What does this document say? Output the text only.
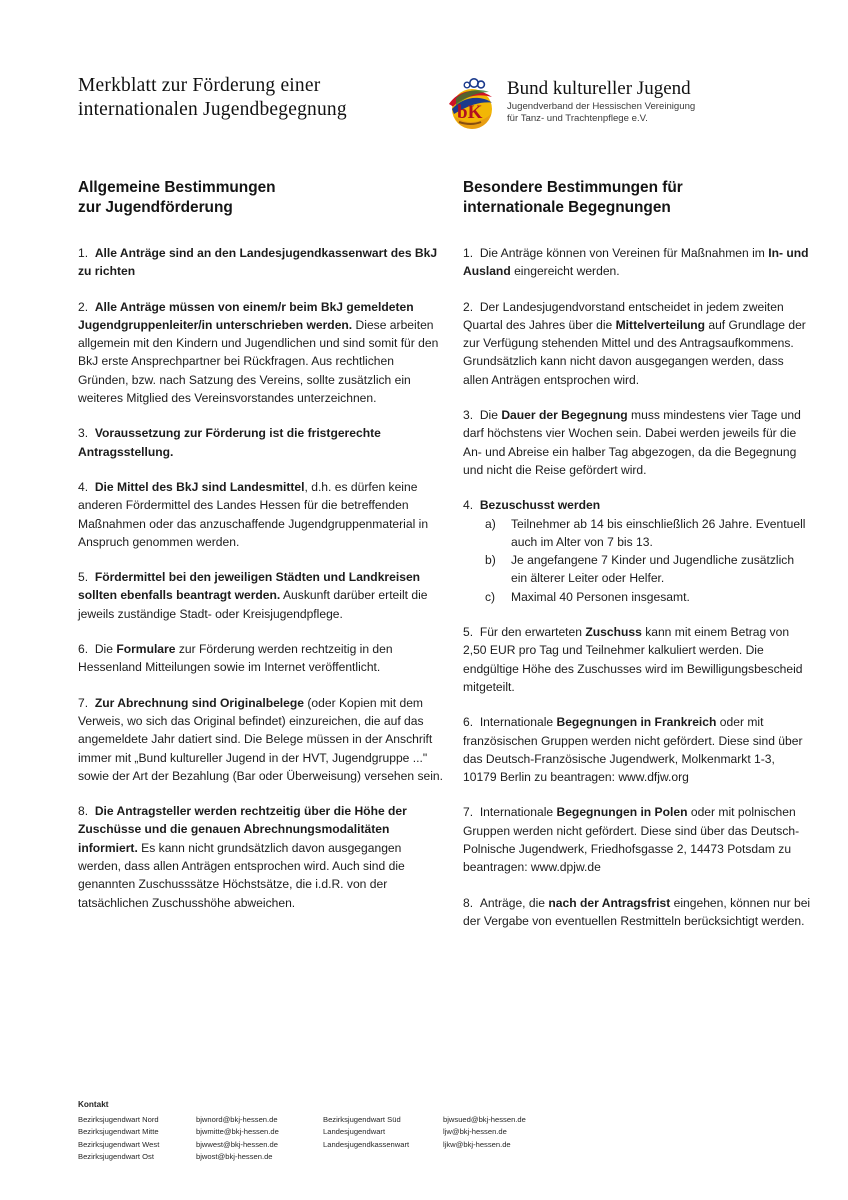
Merkblatt zur Förderung einer
internationalen Jugendbegegnung	bK
Bund kultureller Jugend
Jugendverband der Hessischen Vereinigung
für Tanz- und Trachtenpflege e.V.
Allgemeine Bestimmungen
zur Jugendförderung
1.  Alle Anträge sind an den Landesjugendkassenwart des BkJ zu richten
2.  Alle Anträge müssen von einem/r beim BkJ gemeldeten Jugendgruppenleiter/in unterschrieben werden. Diese arbeiten allgemein mit den Kindern und Jugendlichen und sind somit für den BkJ erste Ansprechpartner bei Rückfragen. Aus rechtlichen Gründen, bzw. nach Satzung des Vereins, sollte zusätzlich ein weiteres Mitglied des Vereinsvorstandes unterzeichnen.
3.  Voraussetzung zur Förderung ist die fristgerechte Antragsstellung.
4.  Die Mittel des BkJ sind Landesmittel, d.h. es dürfen keine anderen Fördermittel des Landes Hessen für die betreffenden Maßnahmen oder das anzuschaffende Jugendgruppenmaterial in Anspruch genommen werden.
5.  Fördermittel bei den jeweiligen Städten und Landkreisen sollten ebenfalls beantragt werden. Auskunft darüber erteilt die jeweils zuständige Stadt- oder Kreisjugendpflege.
6.  Die Formulare zur Förderung werden rechtzeitig in den Hessenland Mitteilungen sowie im Internet veröffentlicht.
7.  Zur Abrechnung sind Originalbelege (oder Kopien mit dem Verweis, wo sich das Original befindet) einzureichen, die auf das angemeldete Jahr datiert sind. Die Belege müssen in der Anschrift immer mit „Bund kultureller Jugend in der HVT, Jugendgruppe ..." sowie der Art der Bezahlung (Bar oder Überweisung) versehen sein.
8.  Die Antragsteller werden rechtzeitig über die Höhe der Zuschüsse und die genauen Abrechnungsmodalitäten informiert. Es kann nicht grundsätzlich davon ausgegangen werden, dass allen Anträgen entsprochen wird. Auch sind die genannten Zuschusssätze Höchstsätze, die i.d.R. von der tatsächlichen Zuschusshöhe abweichen.
Besondere Bestimmungen für
internationale Begegnungen
1.  Die Anträge können von Vereinen für Maßnahmen im In- und Ausland eingereicht werden.
2.  Der Landesjugendvorstand entscheidet in jedem zweiten Quartal des Jahres über die Mittelverteilung auf Grundlage der zur Verfügung stehenden Mittel und des Antragsaufkommens. Grundsätzlich kann nicht davon ausgegangen werden, dass allen Anträgen entsprochen wird.
3.  Die Dauer der Begegnung muss mindestens vier Tage und darf höchstens vier Wochen sein. Dabei werden jeweils für die An- und Abreise ein halber Tag abgezogen, da die Begegnung und nicht die Reise gefördert wird.
4.  Bezuschusst werden
a) Teilnehmer ab 14 bis einschließlich 26 Jahre. Eventuell auch im Alter von 7 bis 13.
b) Je angefangene 7 Kinder und Jugendliche zusätzlich ein älterer Leiter oder Helfer.
c) Maximal 40 Personen insgesamt.
5.  Für den erwarteten Zuschuss kann mit einem Betrag von 2,50 EUR pro Tag und Teilnehmer kalkuliert werden. Die endgültige Höhe des Zuschusses wird im Bewilligungsbescheid mitgeteilt.
6.  Internationale Begegnungen in Frankreich oder mit französischen Gruppen werden nicht gefördert. Diese sind über das Deutsch-Französische Jugendwerk, Molkenmarkt 1-3, 10179 Berlin zu beantragen: www.dfjw.org
7.  Internationale Begegnungen in Polen oder mit polnischen Gruppen werden nicht gefördert. Diese sind über das Deutsch-Polnische Jugendwerk, Friedhofsgasse 2, 14473 Potsdam zu beantragen: www.dpjw.de
8.  Anträge, die nach der Antragsfrist eingehen, können nur bei der Vergabe von eventuellen Restmitteln berücksichtigt werden.
Kontakt
Bezirksjugendwart Nord	bjwnord@bkj-hessen.de	Bezirksjugendwart Süd	bjwsued@bkj-hessen.de
Bezirksjugendwart Mitte	bjwmitte@bkj-hessen.de	Landesjugendwart	ljw@bkj-hessen.de
Bezirksjugendwart West	bjwwest@bkj-hessen.de	Landesjugendkassenwart	ljkw@bkj-hessen.de
Bezirksjugendwart Ost	bjwost@bkj-hessen.de
